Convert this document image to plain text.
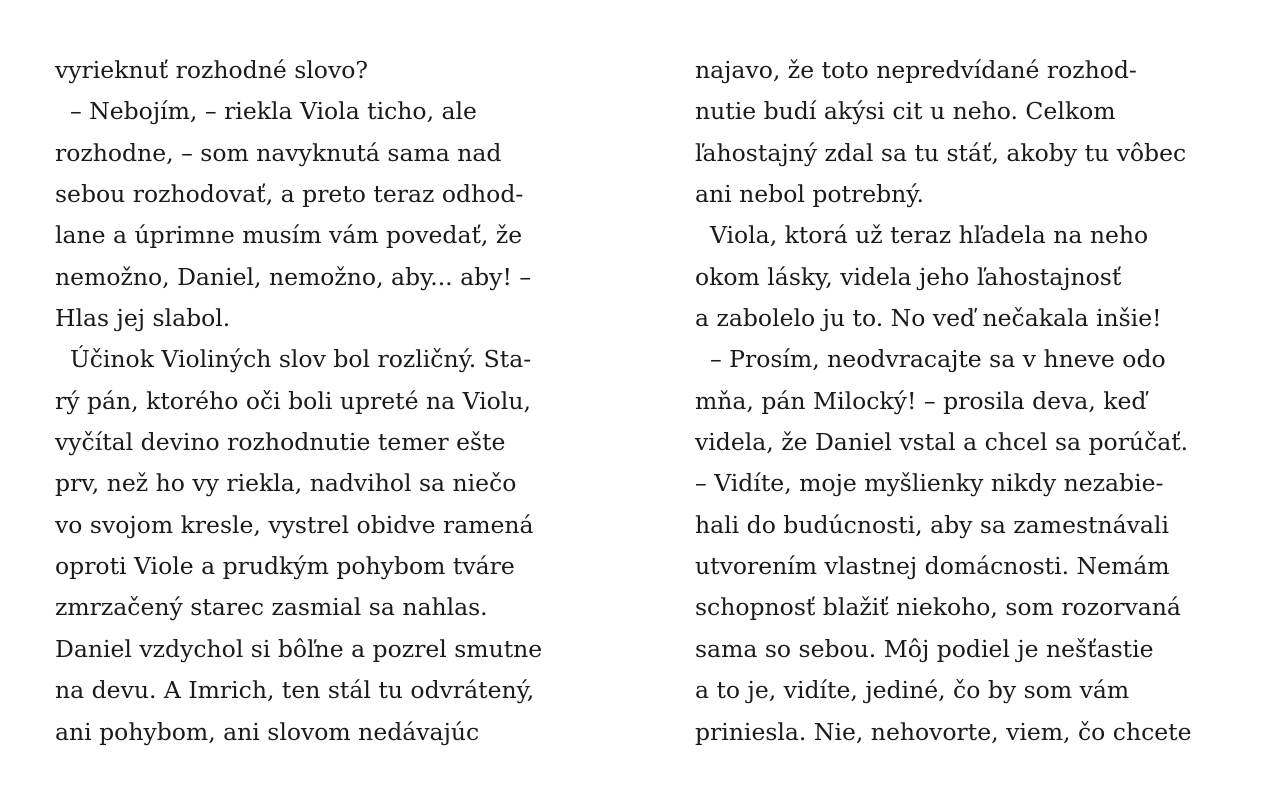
vyrieknuť rozhodné slovo?
– Nebojím, – riekla Viola ticho, ale
rozhodne, – som navyknutá sama nad
sebou rozhodovať, a preto teraz odhod-
lane a úprimne musím vám povedať, že
nemožno, Daniel, nemožno, aby... aby! –
Hlas jej slabol.
Účinok Violiných slov bol rozličný. Sta-
rý pán, ktorého oči boli upreté na Violu,
vyčítal devino rozhodnutie temer ešte
prv, než ho vy riekla, nadvihol sa niečo
vo svojom kresle, vystrel obidve ramená
oproti Viole a prudkým pohybom tváre
zmrzačený starec zasmial sa nahlas.
Daniel vzdychol si bôľne a pozrel smutne
na devu. A Imrich, ten stál tu odvrátený,
ani pohybom, ani slovom nedávajúc
najavo, že toto nepredvídané rozhod-
nutie budí akýsi cit u neho. Celkom
ľahostajný zdal sa tu stáť, akoby tu vôbec
ani nebol potrebný.
Viola, ktorá už teraz hľadela na neho
okom lásky, videla jeho ľahostajnosť
a zabolelo ju to. No veď nečakala inšie!
– Prosím, neodvracajte sa v hneve odo
mňa, pán Milocký! – prosila deva, keď
videla, že Daniel vstal a chcel sa porúčať.
– Vidíte, moje myšlienky nikdy nezabie-
hali do budúcnosti, aby sa zamestnávali
utvorením vlastnej domácnosti. Nemám
schopnosť blažiť niekoho, som rozorvaná
sama so sebou. Môj podiel je nešťastie
a to je, vidíte, jediné, čo by som vám
priniesla. Nie, nehovorte, viem, čo chcete
